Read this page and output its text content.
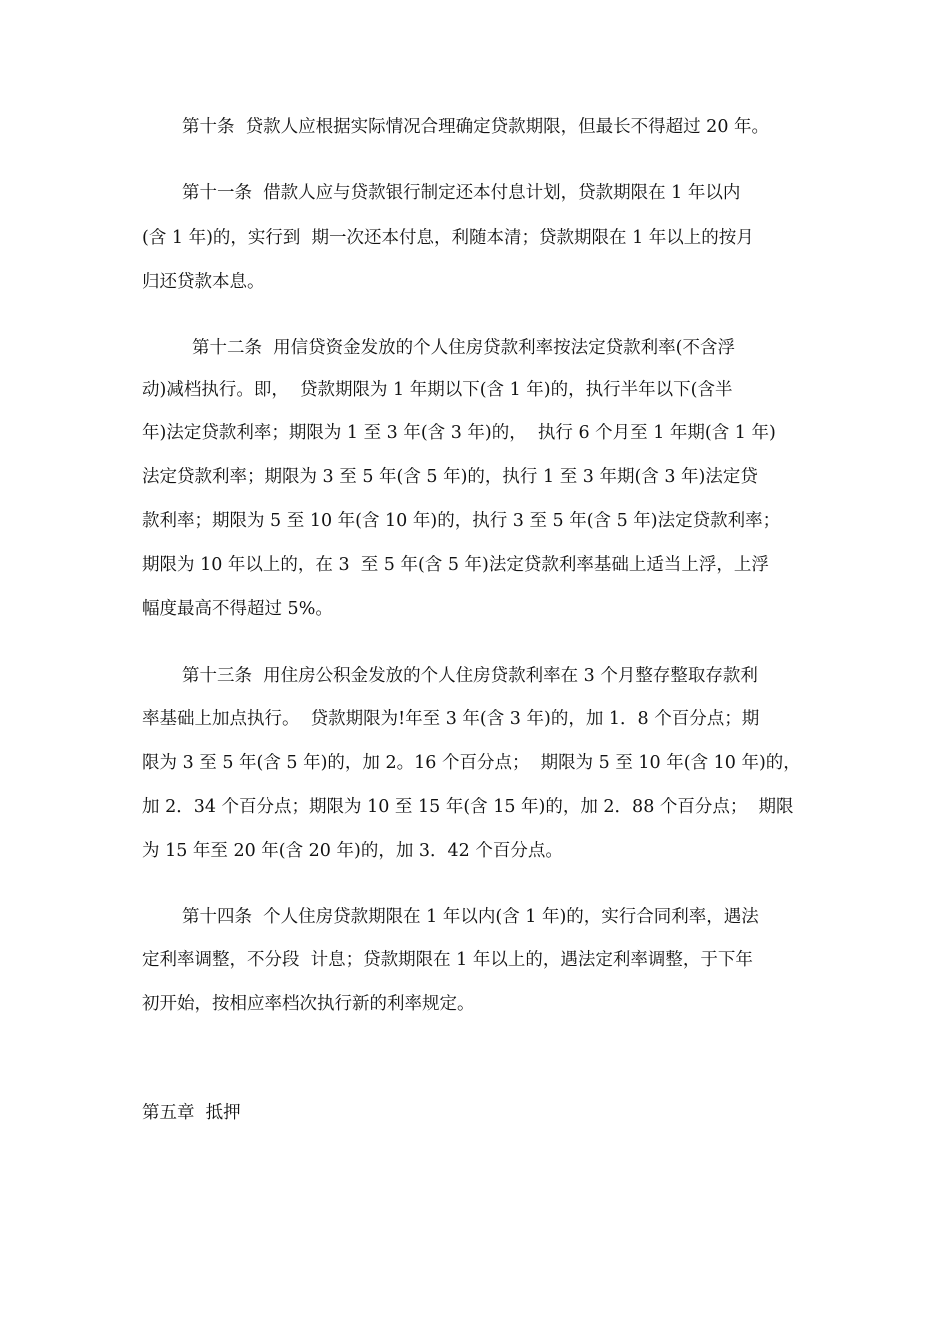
第十条  贷款人应根据实际情况合理确定贷款期限，但最长不得超过 20 年。

第十一条  借款人应与贷款银行制定还本付息计划，贷款期限在 1 年以内

(含 1 年)的，实行到  期一次还本付息，利随本清；贷款期限在 1 年以上的按月

归还贷款本息。

第十二条  用信贷资金发放的个人住房贷款利率按法定贷款利率(不含浮

动)减档执行。即，  贷款期限为 1 年期以下(含 1 年)的，执行半年以下(含半

年)法定贷款利率；期限为 1 至 3 年(含 3 年)的，  执行 6 个月至 1 年期(含 1 年)

法定贷款利率；期限为 3 至 5 年(含 5 年)的，执行 1 至 3 年期(含 3 年)法定贷

款利率；期限为 5 至 10 年(含 10 年)的，执行 3 至 5 年(含 5 年)法定贷款利率；

期限为 10 年以上的，在 3  至 5 年(含 5 年)法定贷款利率基础上适当上浮，上浮

幅度最高不得超过 5%。

第十三条  用住房公积金发放的个人住房贷款利率在 3 个月整存整取存款利

率基础上加点执行。  贷款期限为!年至 3 年(含 3 年)的，加 1．8 个百分点；期

限为 3 至 5 年(含 5 年)的，加 2。16 个百分点；  期限为 5 至 10 年(含 10 年)的，

加 2．34 个百分点；期限为 10 至 15 年(含 15 年)的，加 2．88 个百分点；  期限

为 15 年至 20 年(含 20 年)的，加 3．42 个百分点。

第十四条  个人住房贷款期限在 1 年以内(含 1 年)的，实行合同利率，遇法

定利率调整，不分段  计息；贷款期限在 1 年以上的，遇法定利率调整，于下年

初开始，按相应率档次执行新的利率规定。

第五章  抵押
